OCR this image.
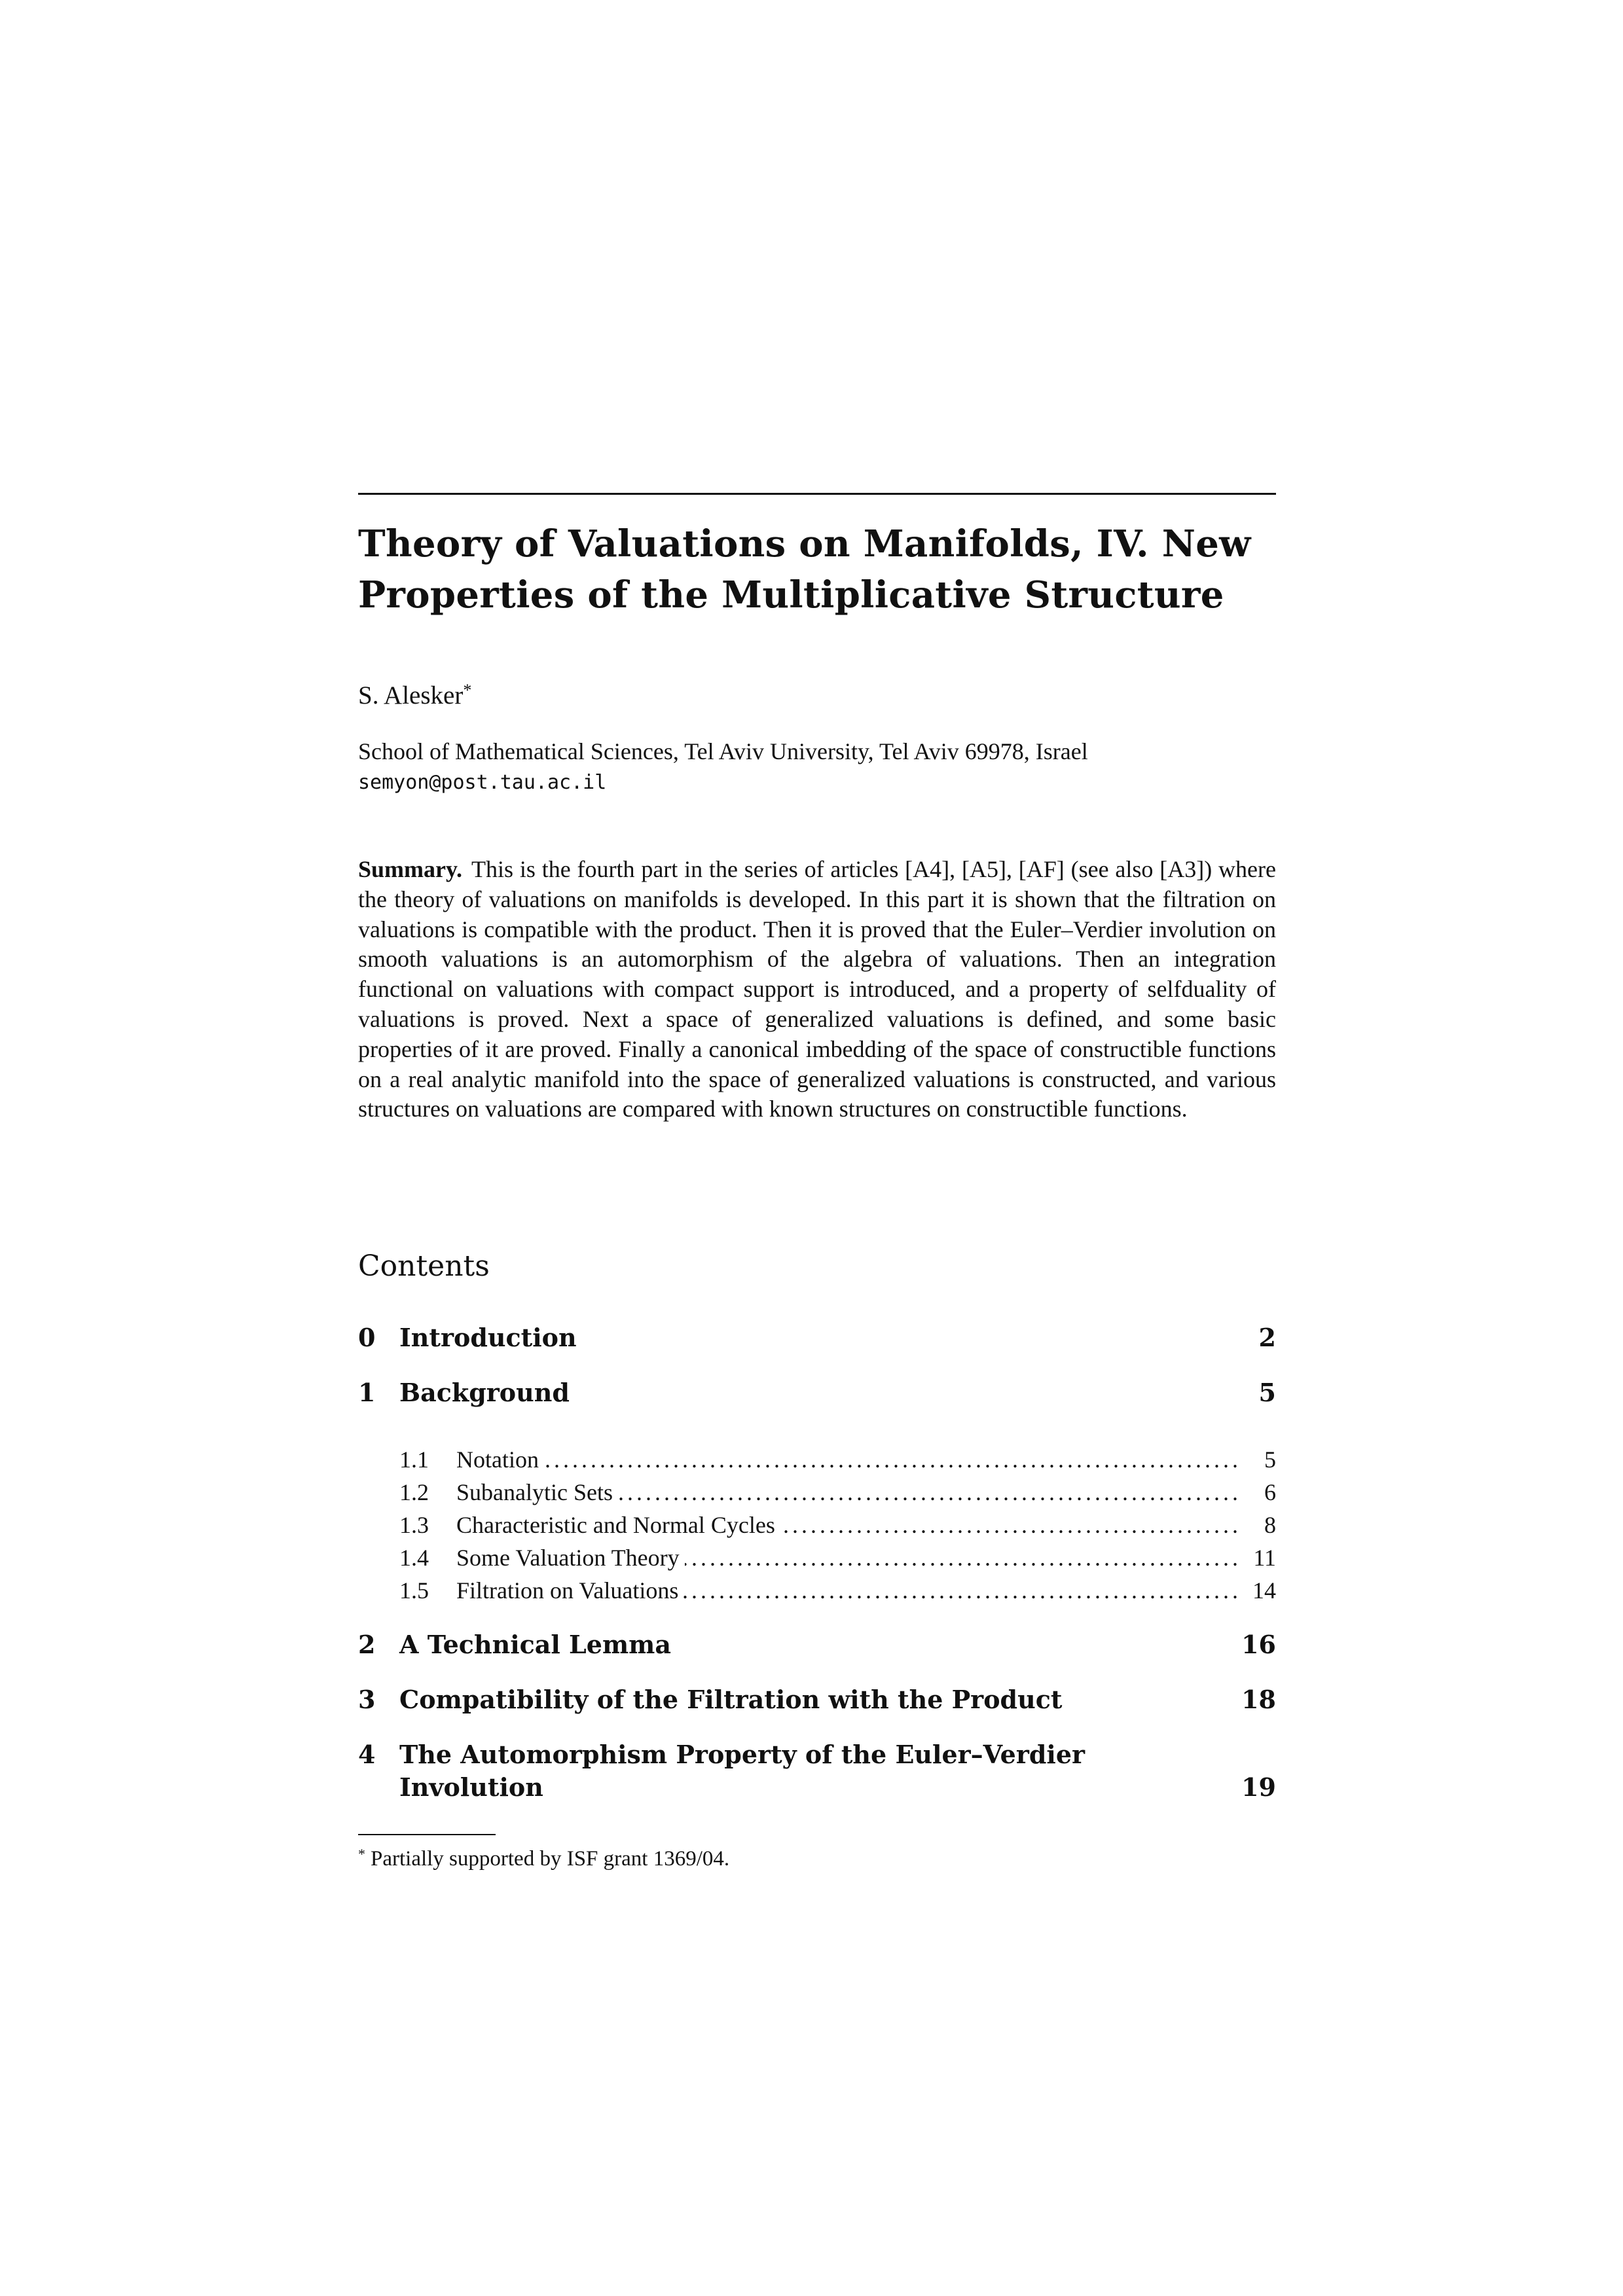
Theory of Valuations on Manifolds, IV. New Properties of the Multiplicative Structure
S. Alesker*
School of Mathematical Sciences, Tel Aviv University, Tel Aviv 69978, Israel
semyon@post.tau.ac.il
Summary. This is the fourth part in the series of articles [A4], [A5], [AF] (see also [A3]) where the theory of valuations on manifolds is developed. In this part it is shown that the filtration on valuations is compatible with the product. Then it is proved that the Euler–Verdier involution on smooth valuations is an automorphism of the algebra of valuations. Then an integration functional on valuations with compact support is introduced, and a property of selfduality of valuations is proved. Next a space of generalized valuations is defined, and some basic properties of it are proved. Finally a canonical imbedding of the space of constructible functions on a real analytic manifold into the space of generalized valuations is constructed, and various structures on valuations are compared with known structures on constructible functions.
Contents
0 Introduction	2
1 Background	5
1.1 . . . Notation	5
1.2 . . . Subanalytic Sets	6
1.3 . . . Characteristic and Normal Cycles	8
1.4 . . . Some Valuation Theory	11
1.5 . . . Filtration on Valuations	14
2 A Technical Lemma	16
3 Compatibility of the Filtration with the Product	18
4 The Automorphism Property of the Euler–Verdier
Involution	19
* Partially supported by ISF grant 1369/04.
